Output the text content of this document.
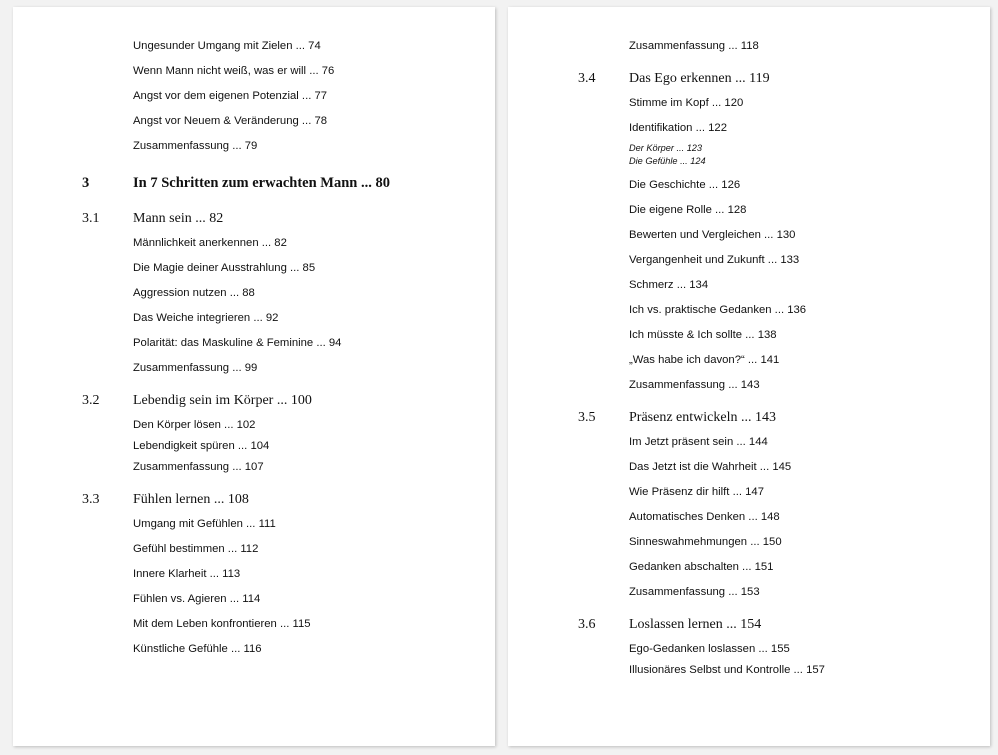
Ungesunder Umgang mit Zielen ... 74
Wenn Mann nicht weiß, was er will ... 76
Angst vor dem eigenen Potenzial ... 77
Angst vor Neuem & Veränderung ... 78
Zusammenfassung ... 79
3	In 7 Schritten zum erwachten Mann ... 80
3.1	Mann sein ... 82
Männlichkeit anerkennen ... 82
Die Magie deiner Ausstrahlung ... 85
Aggression nutzen ... 88
Das Weiche integrieren ... 92
Polarität: das Maskuline & Feminine ... 94
Zusammenfassung ... 99
3.2	Lebendig sein im Körper ... 100
Den Körper lösen ... 102
Lebendigkeit spüren ... 104
Zusammenfassung ... 107
3.3	Fühlen lernen ... 108
Umgang mit Gefühlen ... 111
Gefühl bestimmen ... 112
Innere Klarheit ... 113
Fühlen vs. Agieren ... 114
Mit dem Leben konfrontieren ... 115
Künstliche Gefühle ... 116
Zusammenfassung ... 118
3.4	Das Ego erkennen ... 119
Stimme im Kopf ... 120
Identifikation ... 122
Der Körper ... 123
Die Gefühle ... 124
Die Geschichte ... 126
Die eigene Rolle ... 128
Bewerten und Vergleichen ... 130
Vergangenheit und Zukunft ... 133
Schmerz ... 134
Ich vs. praktische Gedanken ... 136
Ich müsste & Ich sollte ... 138
„Was habe ich davon?“ ... 141
Zusammenfassung ... 143
3.5	Präsenz entwickeln ... 143
Im Jetzt präsent sein ... 144
Das Jetzt ist die Wahrheit ... 145
Wie Präsenz dir hilft ... 147
Automatisches Denken ... 148
Sinneswahmehmungen ... 150
Gedanken abschalten ... 151
Zusammenfassung ... 153
3.6	Loslassen lernen ... 154
Ego-Gedanken loslassen ... 155
Illusionäres Selbst und Kontrolle ... 157
